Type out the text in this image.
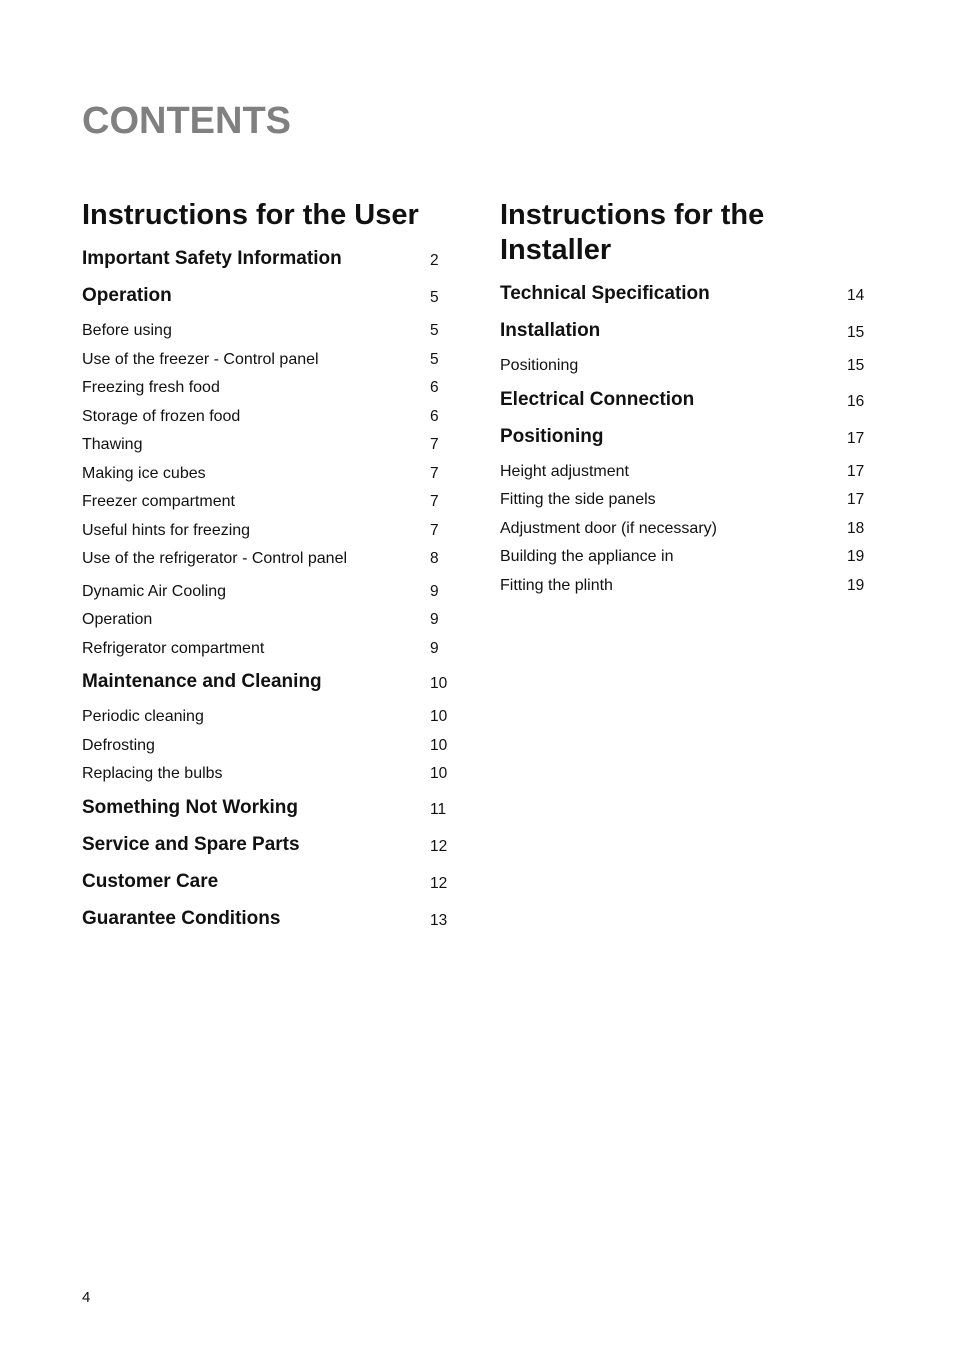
CONTENTS
Instructions for the User
Important Safety Information	2
Operation	5
Before using	5
Use of the freezer - Control panel	5
Freezing fresh food	6
Storage of frozen food	6
Thawing	7
Making ice cubes	7
Freezer compartment	7
Useful hints for freezing	7
Use of the refrigerator - Control panel	8
Dynamic Air Cooling	9
Operation	9
Refrigerator compartment	9
Maintenance and Cleaning	10
Periodic cleaning	10
Defrosting	10
Replacing the bulbs	10
Something Not Working	11
Service and Spare Parts	12
Customer Care	12
Guarantee Conditions	13
Instructions for the Installer
Technical Specification	14
Installation	15
Positioning	15
Electrical Connection	16
Positioning	17
Height adjustment	17
Fitting the side panels	17
Adjustment door (if necessary)	18
Building the appliance in	19
Fitting the plinth	19
4
